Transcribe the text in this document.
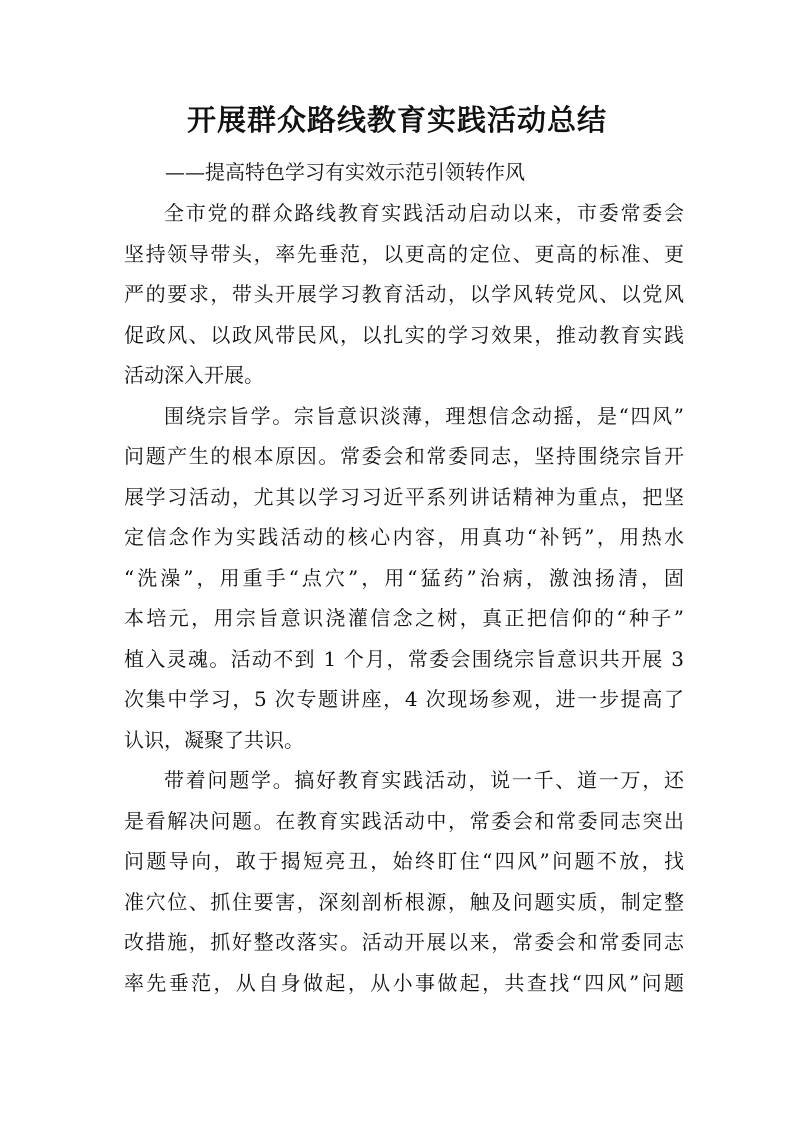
开展群众路线教育实践活动总结

——提高特色学习有实效示范引领转作风

全市党的群众路线教育实践活动启动以来，市委常委会
坚持领导带头，率先垂范，以更高的定位、更高的标准、更
严的要求，带头开展学习教育活动，以学风转党风、以党风
促政风、以政风带民风，以扎实的学习效果，推动教育实践
活动深入开展。
围绕宗旨学。宗旨意识淡薄，理想信念动摇，是“四风”
问题产生的根本原因。常委会和常委同志，坚持围绕宗旨开
展学习活动，尤其以学习习近平系列讲话精神为重点，把坚
定信念作为实践活动的核心内容，用真功“补钙”，用热水
“洗澡”，用重手“点穴”，用“猛药”治病，激浊扬清，固
本培元，用宗旨意识浇灌信念之树，真正把信仰的“种子”
植入灵魂。活动不到 1 个月，常委会围绕宗旨意识共开展 3
次集中学习，5 次专题讲座，4 次现场参观，进一步提高了
认识，凝聚了共识。
带着问题学。搞好教育实践活动，说一千、道一万，还
是看解决问题。在教育实践活动中，常委会和常委同志突出
问题导向，敢于揭短亮丑，始终盯住“四风”问题不放，找
准穴位、抓住要害，深刻剖析根源，触及问题实质，制定整
改措施，抓好整改落实。活动开展以来，常委会和常委同志
率先垂范，从自身做起，从小事做起，共查找“四风”问题
